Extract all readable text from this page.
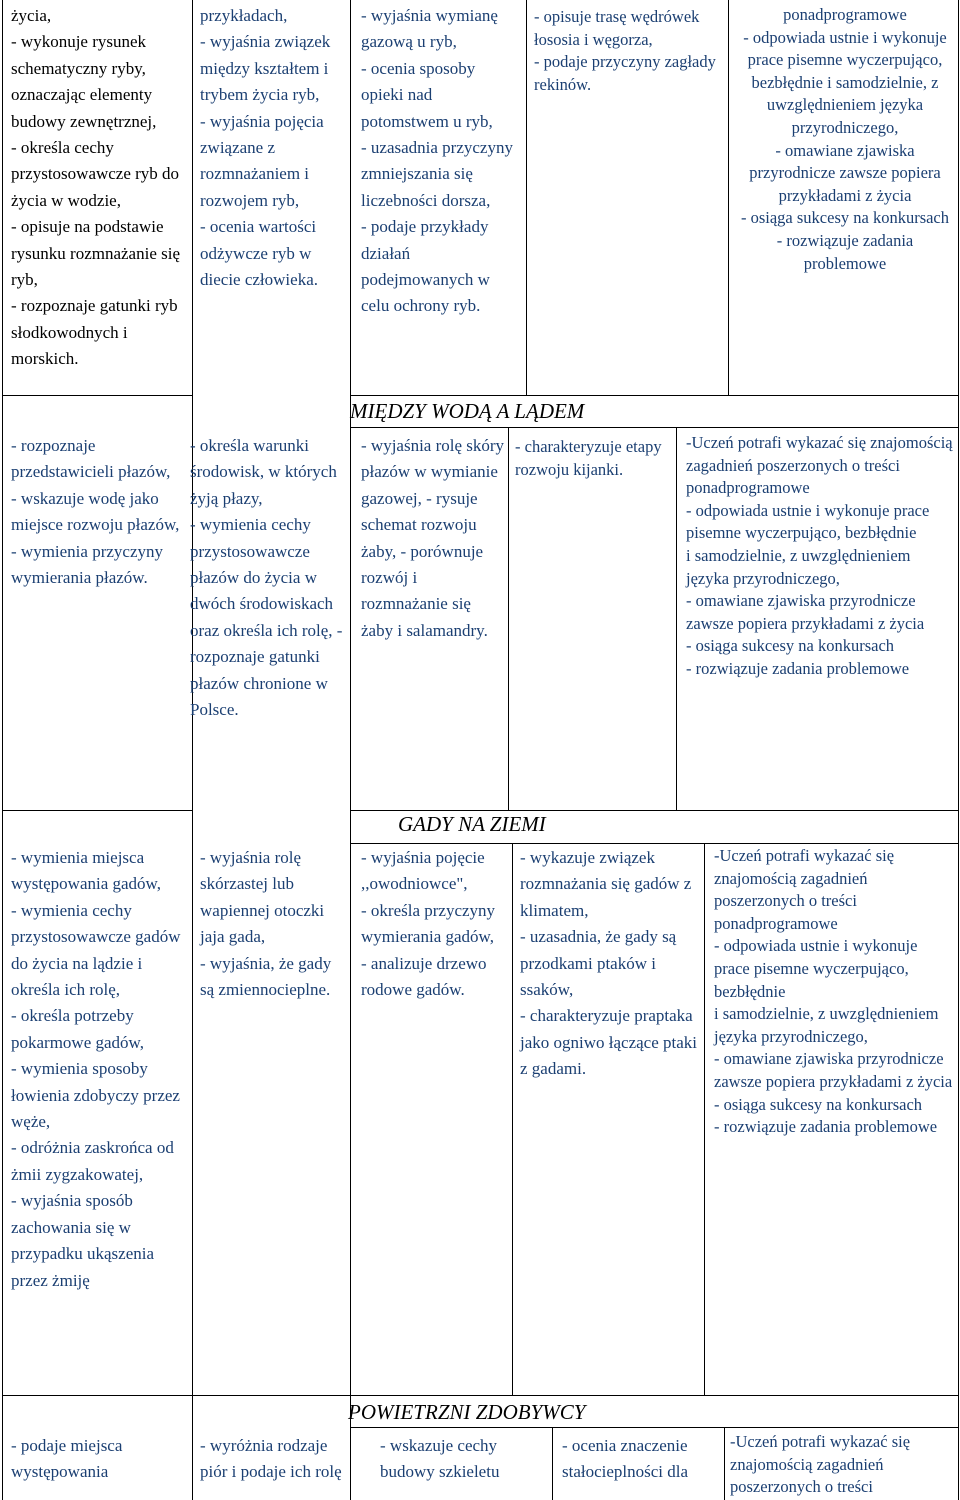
życia,

- wykonuje rysunek schematyczny ryby, oznaczając elementy budowy zewnętrznej,

- określa cechy przystosowawcze ryb do życia w wodzie,

- opisuje na podstawie rysunku rozmnażanie się ryb,

- rozpoznaje gatunki ryb słodkowodnych i morskich.

przykładach,

- wyjaśnia związek między kształtem i trybem życia ryb,

- wyjaśnia pojęcia związane z rozmnażaniem i rozwojem ryb,

- ocenia wartości odżywcze ryb w diecie człowieka.

- wyjaśnia wymianę gazową u ryb,

- ocenia sposoby opieki nad potomstwem u ryb,

- uzasadnia przyczyny zmniejszania się liczebności dorsza,

- podaje przykłady działań podejmowanych w celu ochrony ryb.

- opisuje trasę wędrówek łososia i węgorza,

- podaje przyczyny zagłady rekinów.

ponadprogramowe

- odpowiada ustnie i wykonuje prace pisemne wyczerpująco, bezbłędnie i samodzielnie, z uwzględnieniem języka przyrodniczego,

- omawiane zjawiska przyrodnicze zawsze popiera przykładami z życia

- osiąga sukcesy na konkursach

- rozwiązuje zadania problemowe

MIĘDZY WODĄ A LĄDEM

- rozpoznaje przedstawicieli płazów,

- wskazuje wodę jako miejsce rozwoju płazów,

- wymienia przyczyny wymierania płazów.

- określa warunki środowisk, w których żyją płazy,

- wymienia cechy przystosowawcze płazów do życia w dwóch środowiskach oraz określa ich rolę, - rozpoznaje gatunki płazów chronione w Polsce.

- wyjaśnia rolę skóry płazów w wymianie gazowej, - rysuje schemat rozwoju żaby, - porównuje rozwój i rozmnażanie się żaby i salamandry.

- charakteryzuje etapy rozwoju kijanki.

-Uczeń potrafi wykazać się znajomością zagadnień poszerzonych o treści ponadprogramowe

- odpowiada ustnie i wykonuje prace pisemne wyczerpująco, bezbłędnie

i samodzielnie, z uwzględnieniem języka przyrodniczego,

- omawiane zjawiska przyrodnicze zawsze popiera przykładami z życia

- osiąga sukcesy na konkursach

- rozwiązuje zadania problemowe

GADY NA ZIEMI

- wymienia miejsca występowania gadów,

- wymienia cechy przystosowawcze gadów do życia na lądzie i określa ich rolę,

- określa potrzeby pokarmowe gadów,

- wymienia sposoby łowienia zdobyczy przez węże,

- odróżnia zaskrońca od żmii zygzakowatej,

- wyjaśnia sposób zachowania się w przypadku ukąszenia przez żmiję

- wyjaśnia rolę skórzastej lub wapiennej otoczki jaja gada,

- wyjaśnia, że gady są zmiennocieplne.

- wyjaśnia pojęcie ,,owodniowce",

- określa przyczyny wymierania gadów,

- analizuje drzewo rodowe gadów.

- wykazuje związek rozmnażania się gadów z klimatem,

- uzasadnia, że gady są przodkami ptaków i ssaków,

- charakteryzuje praptaka jako ogniwo łączące ptaki z gadami.

-Uczeń potrafi wykazać się znajomością zagadnień poszerzonych o treści ponadprogramowe

- odpowiada ustnie i wykonuje prace pisemne wyczerpująco, bezbłędnie

i samodzielnie, z uwzględnieniem języka przyrodniczego,

- omawiane zjawiska przyrodnicze zawsze popiera przykładami z życia

- osiąga sukcesy na konkursach

- rozwiązuje zadania problemowe

POWIETRZNI ZDOBYWCY

- podaje miejsca występowania

- wyróżnia rodzaje piór i podaje ich rolę

- wskazuje cechy budowy szkieletu

- ocenia znaczenie stałocieplności dla

-Uczeń potrafi wykazać się znajomością zagadnień poszerzonych o treści
